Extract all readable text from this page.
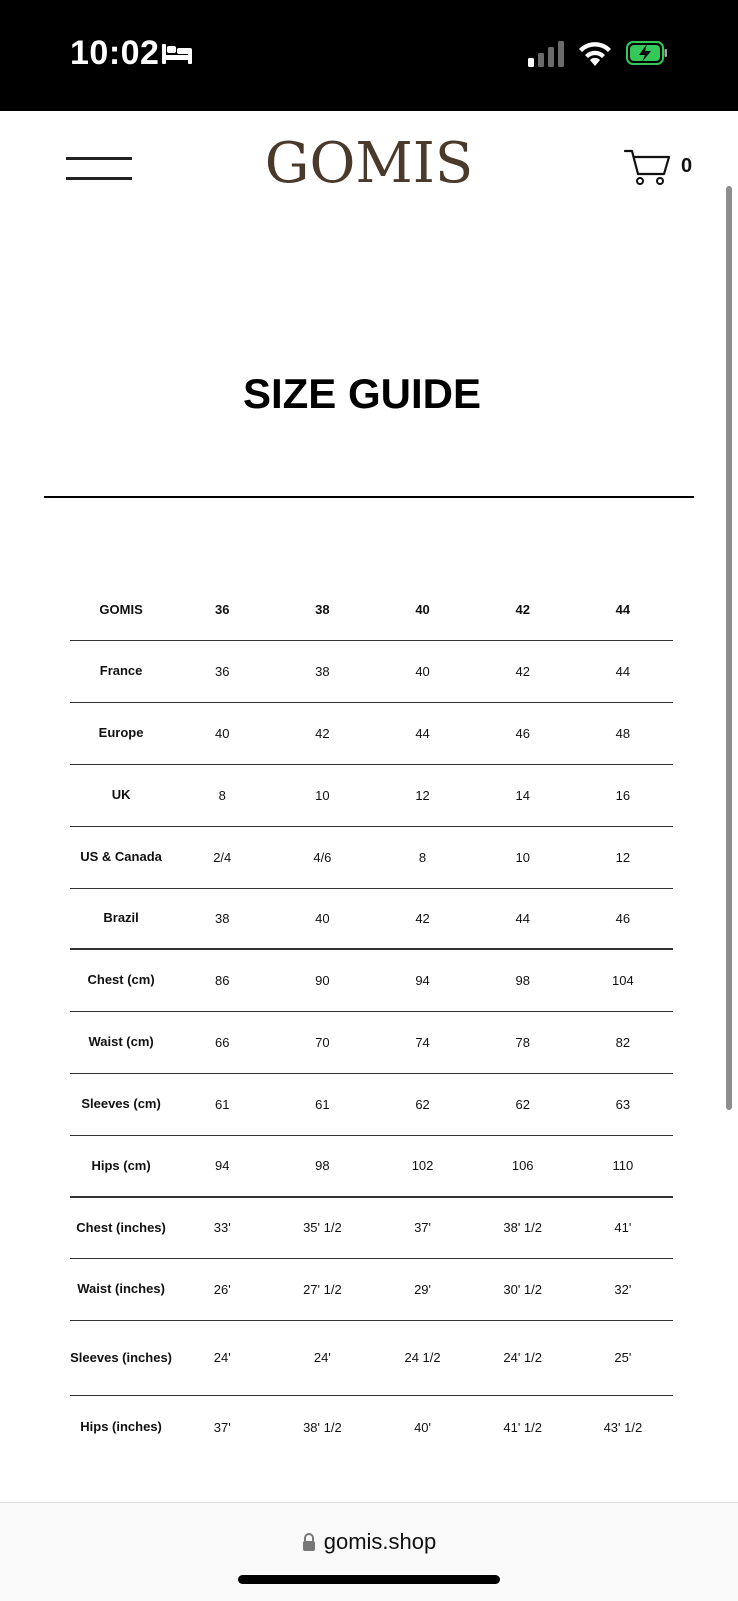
10:02
GOMIS	0
SIZE GUIDE
GOMIS	36	38	40	42	44
France	36	38	40	42	44
Europe	40	42	44	46	48
UK	8	10	12	14	16
US & Canada	2/4	4/6	8	10	12
Brazil	38	40	42	44	46
Chest (cm)	86	90	94	98	104
Waist (cm)	66	70	74	78	82
Sleeves (cm)	61	61	62	62	63
Hips (cm)	94	98	102	106	110
Chest (inches)	33'	35' 1/2	37'	38' 1/2	41'
Waist (inches)	26'	27' 1/2	29'	30' 1/2	32'
Sleeves (inches)	24'	24'	24 1/2	24' 1/2	25'
Hips (inches)	37'	38' 1/2	40'	41' 1/2	43' 1/2
gomis.shop
